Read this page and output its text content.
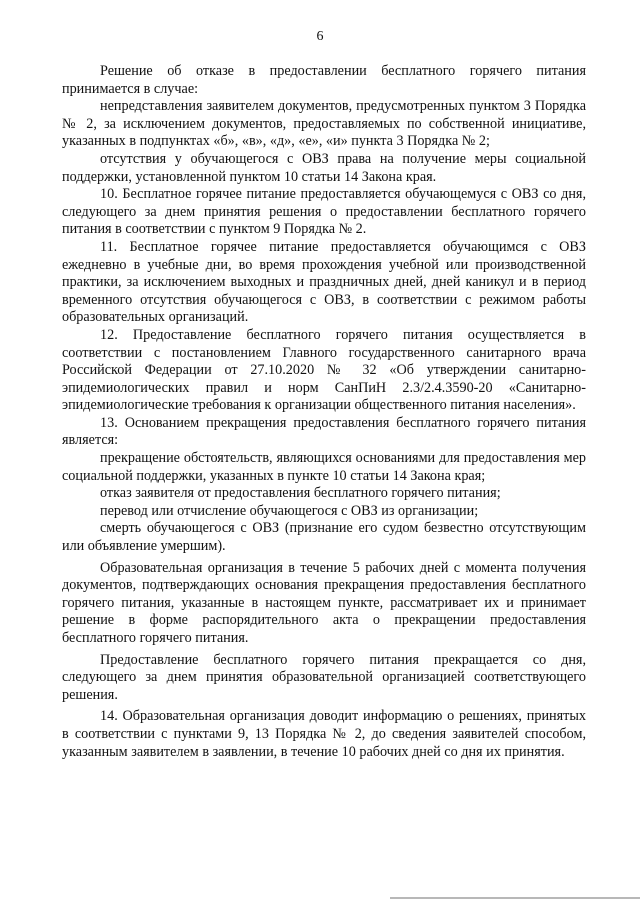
6

Решение об отказе в предоставлении бесплатного горячего питания принимается в случае:

непредставления заявителем документов, предусмотренных пунктом 3 Порядка № 2, за исключением документов, предоставляемых по собственной инициативе, указанных в подпунктах «б», «в», «д», «е», «и» пункта 3 Порядка № 2;

отсутствия у обучающегося с ОВЗ права на получение меры социальной поддержки, установленной пунктом 10 статьи 14 Закона края.

10. Бесплатное горячее питание предоставляется обучающемуся с ОВЗ со дня, следующего за днем принятия решения о предоставлении бесплатного горячего питания в соответствии с пунктом 9 Порядка № 2.

11. Бесплатное горячее питание предоставляется обучающимся с ОВЗ ежедневно в учебные дни, во время прохождения учебной или производственной практики, за исключением выходных и праздничных дней, дней каникул и в период временного отсутствия обучающегося с ОВЗ, в соответствии с режимом работы образовательных организаций.

12. Предоставление бесплатного горячего питания осуществляется в соответствии с постановлением Главного государственного санитарного врача Российской Федерации от 27.10.2020 № 32 «Об утверждении санитарно-эпидемиологических правил и норм СанПиН 2.3/2.4.3590-20 «Санитарно-эпидемиологические требования к организации общественного питания населения».

13. Основанием прекращения предоставления бесплатного горячего питания является:

прекращение обстоятельств, являющихся основаниями для предоставления мер социальной поддержки, указанных в пункте 10 статьи 14 Закона края;

отказ заявителя от предоставления бесплатного горячего питания;

перевод или отчисление обучающегося с ОВЗ из организации;

смерть обучающегося с ОВЗ (признание его судом безвестно отсутствующим или объявление умершим).

Образовательная организация в течение 5 рабочих дней с момента получения документов, подтверждающих основания прекращения предоставления бесплатного горячего питания, указанные в настоящем пункте, рассматривает их и принимает решение в форме распорядительного акта о прекращении предоставления бесплатного горячего питания.

Предоставление бесплатного горячего питания прекращается со дня, следующего за днем принятия образовательной организацией соответствующего решения.

14. Образовательная организация доводит информацию о решениях, принятых в соответствии с пунктами 9, 13 Порядка № 2, до сведения заявителей способом, указанным заявителем в заявлении, в течение 10 рабочих дней со дня их принятия.
